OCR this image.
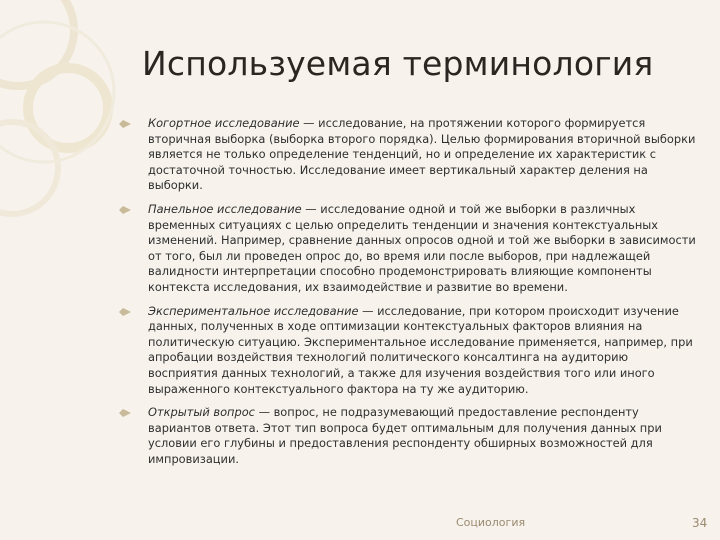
Используемая терминология
Когортное исследование — исследование, на протяжении которого формируется вторичная выборка (выборка второго порядка). Целью формирования вторичной выборки является не только определение тенденций, но и определение их характеристик с достаточной точностью. Исследование имеет вертикальный характер деления на выборки.
Панельное исследование — исследование одной и той же выборки в различных временных ситуациях с целью определить тенденции и значения контекстуальных изменений. Например, сравнение данных опросов одной и той же выборки в зависимости от того, был ли проведен опрос до, во время или после выборов, при надлежащей валидности интерпретации способно продемонстрировать влияющие компоненты контекста исследования, их взаимодействие и развитие во времени.
Экспериментальное исследование — исследование, при котором происходит изучение данных, полученных в ходе оптимизации контекстуальных факторов влияния на политическую ситуацию. Экспериментальное исследование применяется, например, при апробации воздействия технологий политического консалтинга на аудиторию восприятия данных технологий, а также для изучения воздействия того или иного выраженного контекстуального фактора на ту же аудиторию.
Открытый вопрос — вопрос, не подразумевающий предоставление респонденту вариантов ответа. Этот тип вопроса будет оптимальным для получения данных при условии его глубины и предоставления респонденту обширных возможностей для импровизации.
Социология	34
